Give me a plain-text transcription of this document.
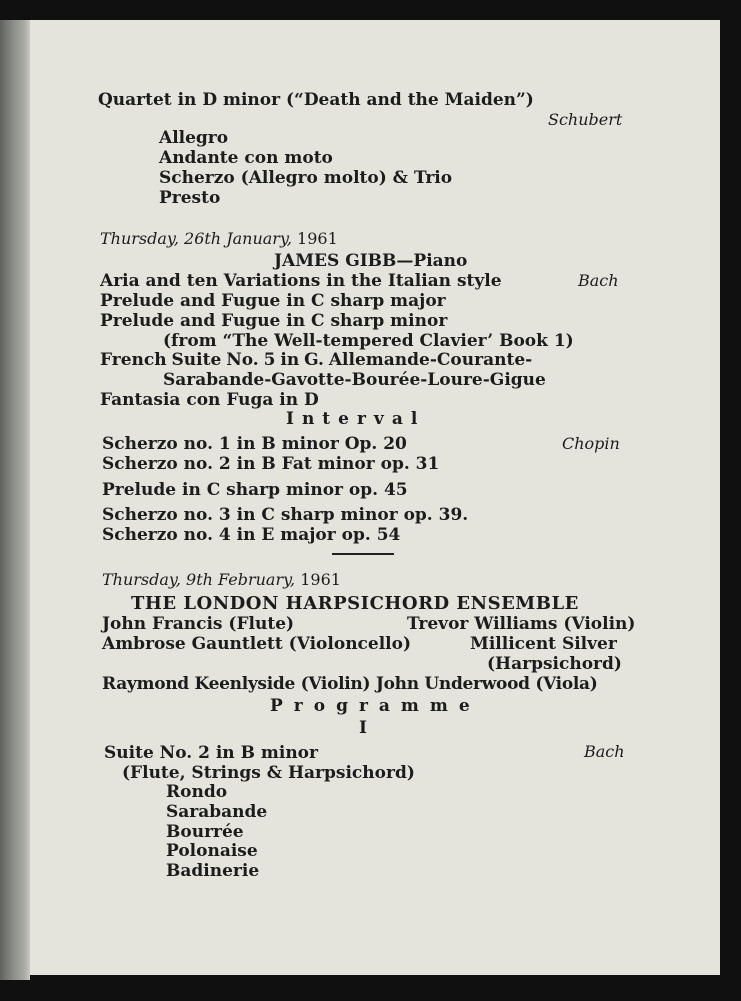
Quartet in D minor (“Death and the Maiden”)
Schubert
Allegro
Andante con moto
Scherzo (Allegro molto) & Trio
Presto
Thursday, 26th January, 1961
JAMES GIBB—Piano
Aria and ten Variations in the Italian style	Bach
Prelude and Fugue in C sharp major
Prelude and Fugue in C sharp minor
(from “The Well-tempered Clavier’ Book 1)
French Suite No. 5 in G. Allemande-Courante-
Sarabande-Gavotte-Bourée-Loure-Gigue
Fantasia con Fuga in D
Interval
Scherzo no. 1 in B minor Op. 20	Chopin
Scherzo no. 2 in B Fat minor op. 31
Prelude in C sharp minor op. 45
Scherzo no. 3 in C sharp minor op. 39.
Scherzo no. 4 in E major op. 54
Thursday, 9th February, 1961
THE LONDON HARPSICHORD ENSEMBLE
John Francis (Flute)	Trevor Williams (Violin)
Ambrose Gauntlett (Violoncello)	Millicent Silver
(Harpsichord)
Raymond Keenlyside (Violin) John Underwood (Viola)
Programme
I
Suite No. 2 in B minor	Bach
(Flute, Strings & Harpsichord)
Rondo
Sarabande
Bourrée
Polonaise
Badinerie
